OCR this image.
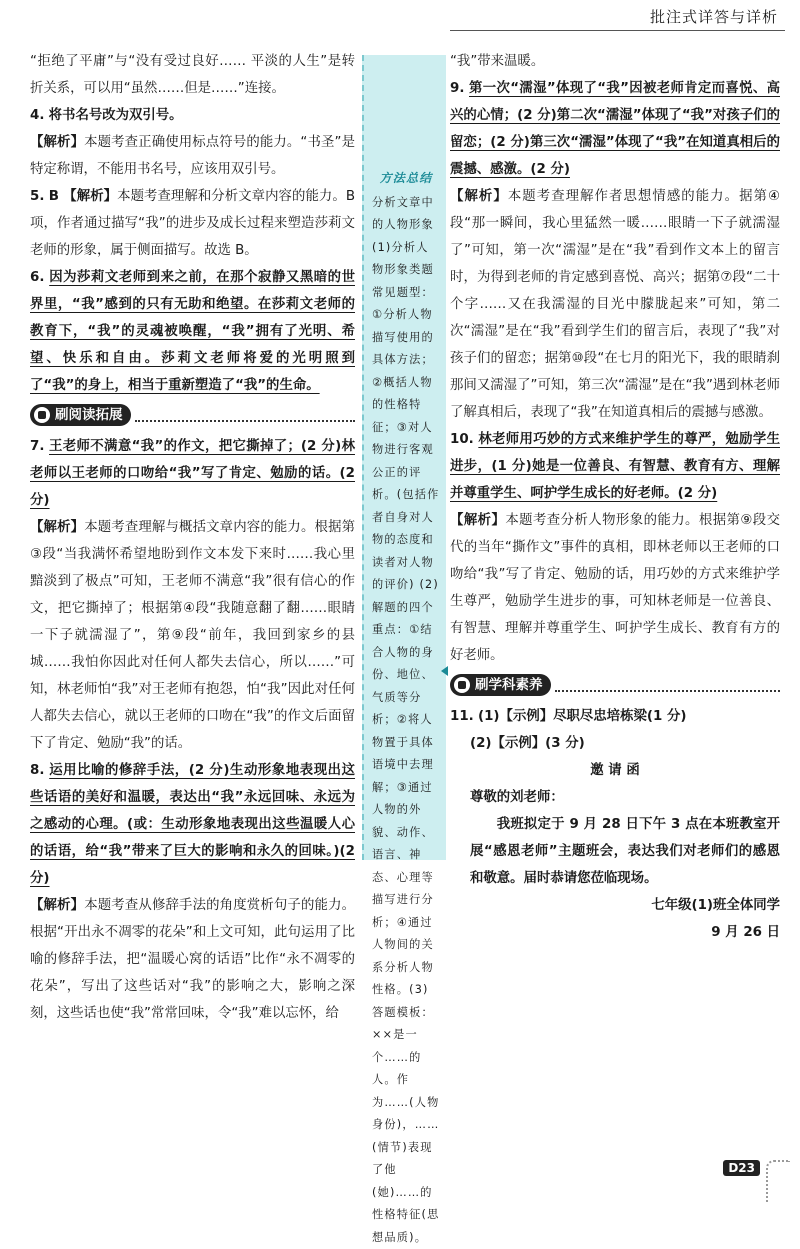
批注式详答与详析

“拒绝了平庸”与“没有受过良好…… 平淡的人生”是转折关系，可以用“虽然……但是……”连接。

4. 将书名号改为双引号。

【解析】本题考查正确使用标点符号的能力。“书圣”是特定称谓，不能用书名号，应该用双引号。

5. B 【解析】本题考查理解和分析文章内容的能力。B 项，作者通过描写“我”的进步及成长过程来塑造莎莉文老师的形象，属于侧面描写。故选 B。

6. 因为莎莉文老师到来之前，在那个寂静又黑暗的世界里，“我”感到的只有无助和绝望。在莎莉文老师的教育下，“我”的灵魂被唤醒，“我”拥有了光明、希望、快乐和自由。莎莉文老师将爱的光明照到了“我”的身上，相当于重新塑造了“我”的生命。

刷阅读拓展

7. 王老师不满意“我”的作文，把它撕掉了；(2 分)林老师以王老师的口吻给“我”写了肯定、勉励的话。(2 分)

【解析】本题考查理解与概括文章内容的能力。根据第③段“当我满怀希望地盼到作文本发下来时……我心里黯淡到了极点”可知，王老师不满意“我”很有信心的作文，把它撕掉了；根据第④段“我随意翻了翻……眼睛一下子就濡湿了”，第⑨段“前年，我回到家乡的县城……我怕你因此对任何人都失去信心，所以……”可知，林老师怕“我”对王老师有抱怨，怕“我”因此对任何人都失去信心，就以王老师的口吻在“我”的作文后面留下了肯定、勉励“我”的话。

8. 运用比喻的修辞手法，(2 分)生动形象地表现出这些话语的美好和温暖，表达出“我”永远回味、永远为之感动的心理。(或：生动形象地表现出这些温暖人心的话语，给“我”带来了巨大的影响和永久的回味。)(2 分)

【解析】本题考查从修辞手法的角度赏析句子的能力。根据“开出永不凋零的花朵”和上文可知，此句运用了比喻的修辞手法，把“温暖心窝的话语”比作“永不凋零的花朵”，写出了这些话对“我”的影响之大，影响之深刻，这些话也使“我”常常回味，令“我”难以忘怀，给

方法总结
分析文章中的人物形象 (1)分析人物形象类题常见题型：①分析人物描写使用的具体方法；②概括人物的性格特征；③对人物进行客观公正的评析。(包括作者自身对人物的态度和读者对人物的评价) (2)解题的四个重点：①结合人物的身份、地位、气质等分析；②将人物置于具体语境中去理解；③通过人物的外貌、动作、语言、神态、心理等描写进行分析；④通过人物间的关系分析人物性格。(3)答题模板：××是一个……的人。作为……(人物身份)，……(情节)表现了他(她)……的性格特征(思想品质)。

“我”带来温暖。

9. 第一次“濡湿”体现了“我”因被老师肯定而喜悦、高兴的心情；(2 分)第二次“濡湿”体现了“我”对孩子们的留恋；(2 分)第三次“濡湿”体现了“我”在知道真相后的震撼、感激。(2 分)

【解析】本题考查理解作者思想情感的能力。据第④段“那一瞬间，我心里猛然一暖……眼睛一下子就濡湿了”可知，第一次“濡湿”是在“我”看到作文本上的留言时，为得到老师的肯定感到喜悦、高兴；据第⑦段“二十个字……又在我濡湿的目光中朦胧起来”可知，第二次“濡湿”是在“我”看到学生们的留言后，表现了“我”对孩子们的留恋；据第⑩段“在七月的阳光下，我的眼睛刹那间又濡湿了”可知，第三次“濡湿”是在“我”遇到林老师了解真相后，表现了“我”在知道真相后的震撼与感激。

10. 林老师用巧妙的方式来维护学生的尊严，勉励学生进步，(1 分)她是一位善良、有智慧、教育有方、理解并尊重学生、呵护学生成长的好老师。(2 分)

【解析】本题考查分析人物形象的能力。根据第⑨段交代的当年“撕作文”事件的真相，即林老师以王老师的口吻给“我”写了肯定、勉励的话，用巧妙的方式来维护学生尊严，勉励学生进步的事，可知林老师是一位善良、有智慧、理解并尊重学生、呵护学生成长、教育有方的好老师。

刷学科素养

11. (1)【示例】尽职尽忠培栋梁(1 分)

(2)【示例】(3 分)

邀 请 函

尊敬的刘老师：

我班拟定于 9 月 28 日下午 3 点在本班教室开展“感恩老师”主题班会，表达我们对老师们的感恩和敬意。届时恭请您莅临现场。

七年级(1)班全体同学

9 月 26 日

D23
